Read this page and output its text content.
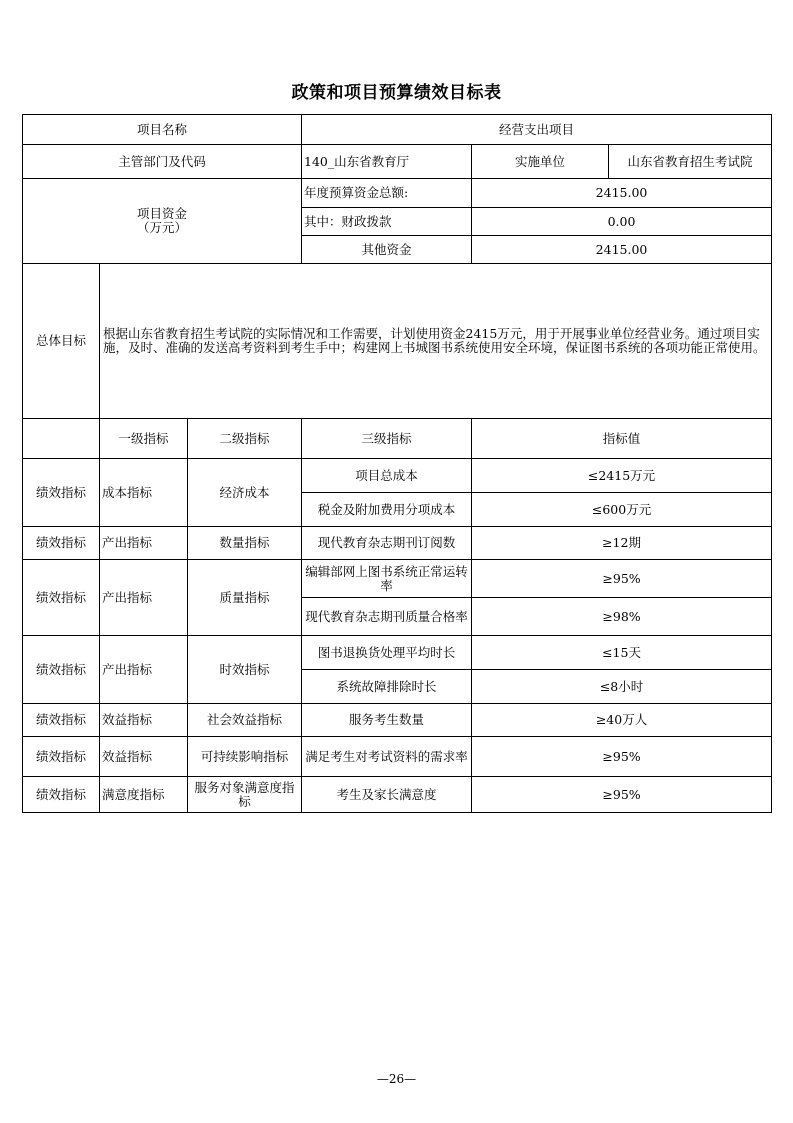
政策和项目预算绩效目标表
项目名称			经营支出项目		
主管部门及代码			140_山东省教育厅	实施单位	山东省教育招生考试院

项目资金
（万元）			年度预算资金总额:	2415.00	
			其中：财政拨款	0.00	
			其他资金	2415.00	
总体目标	根据山东省教育招生考试院的实际情况和工作需要，计划使用资金2415万元，用于开展事业单位经营业务。通过项目实施，及时、准确的发送高考资料到考生手中；构建网上书城图书系统使用安全环境，保证图书系统的各项功能正常使用。				
	一级指标	二级指标	三级指标	指标值	
绩效指标	成本指标	经济成本	项目总成本	≤2415万元	
			税金及附加费用分项成本	≤600万元	
绩效指标	产出指标	数量指标	现代教育杂志期刊订阅数	≥12期	
绩效指标	产出指标	质量指标	编辑部网上图书系统正常运转率	≥95%	
			现代教育杂志期刊质量合格率	≥98%	
绩效指标	产出指标	时效指标	图书退换货处理平均时长	≤15天	
			系统故障排除时长	≤8小时	
绩效指标	效益指标	社会效益指标	服务考生数量	≥40万人	
绩效指标	效益指标	可持续影响指标	满足考生对考试资料的需求率	≥95%	
绩效指标	满意度指标	服务对象满意度指标	考生及家长满意度	≥95%	
—26—
